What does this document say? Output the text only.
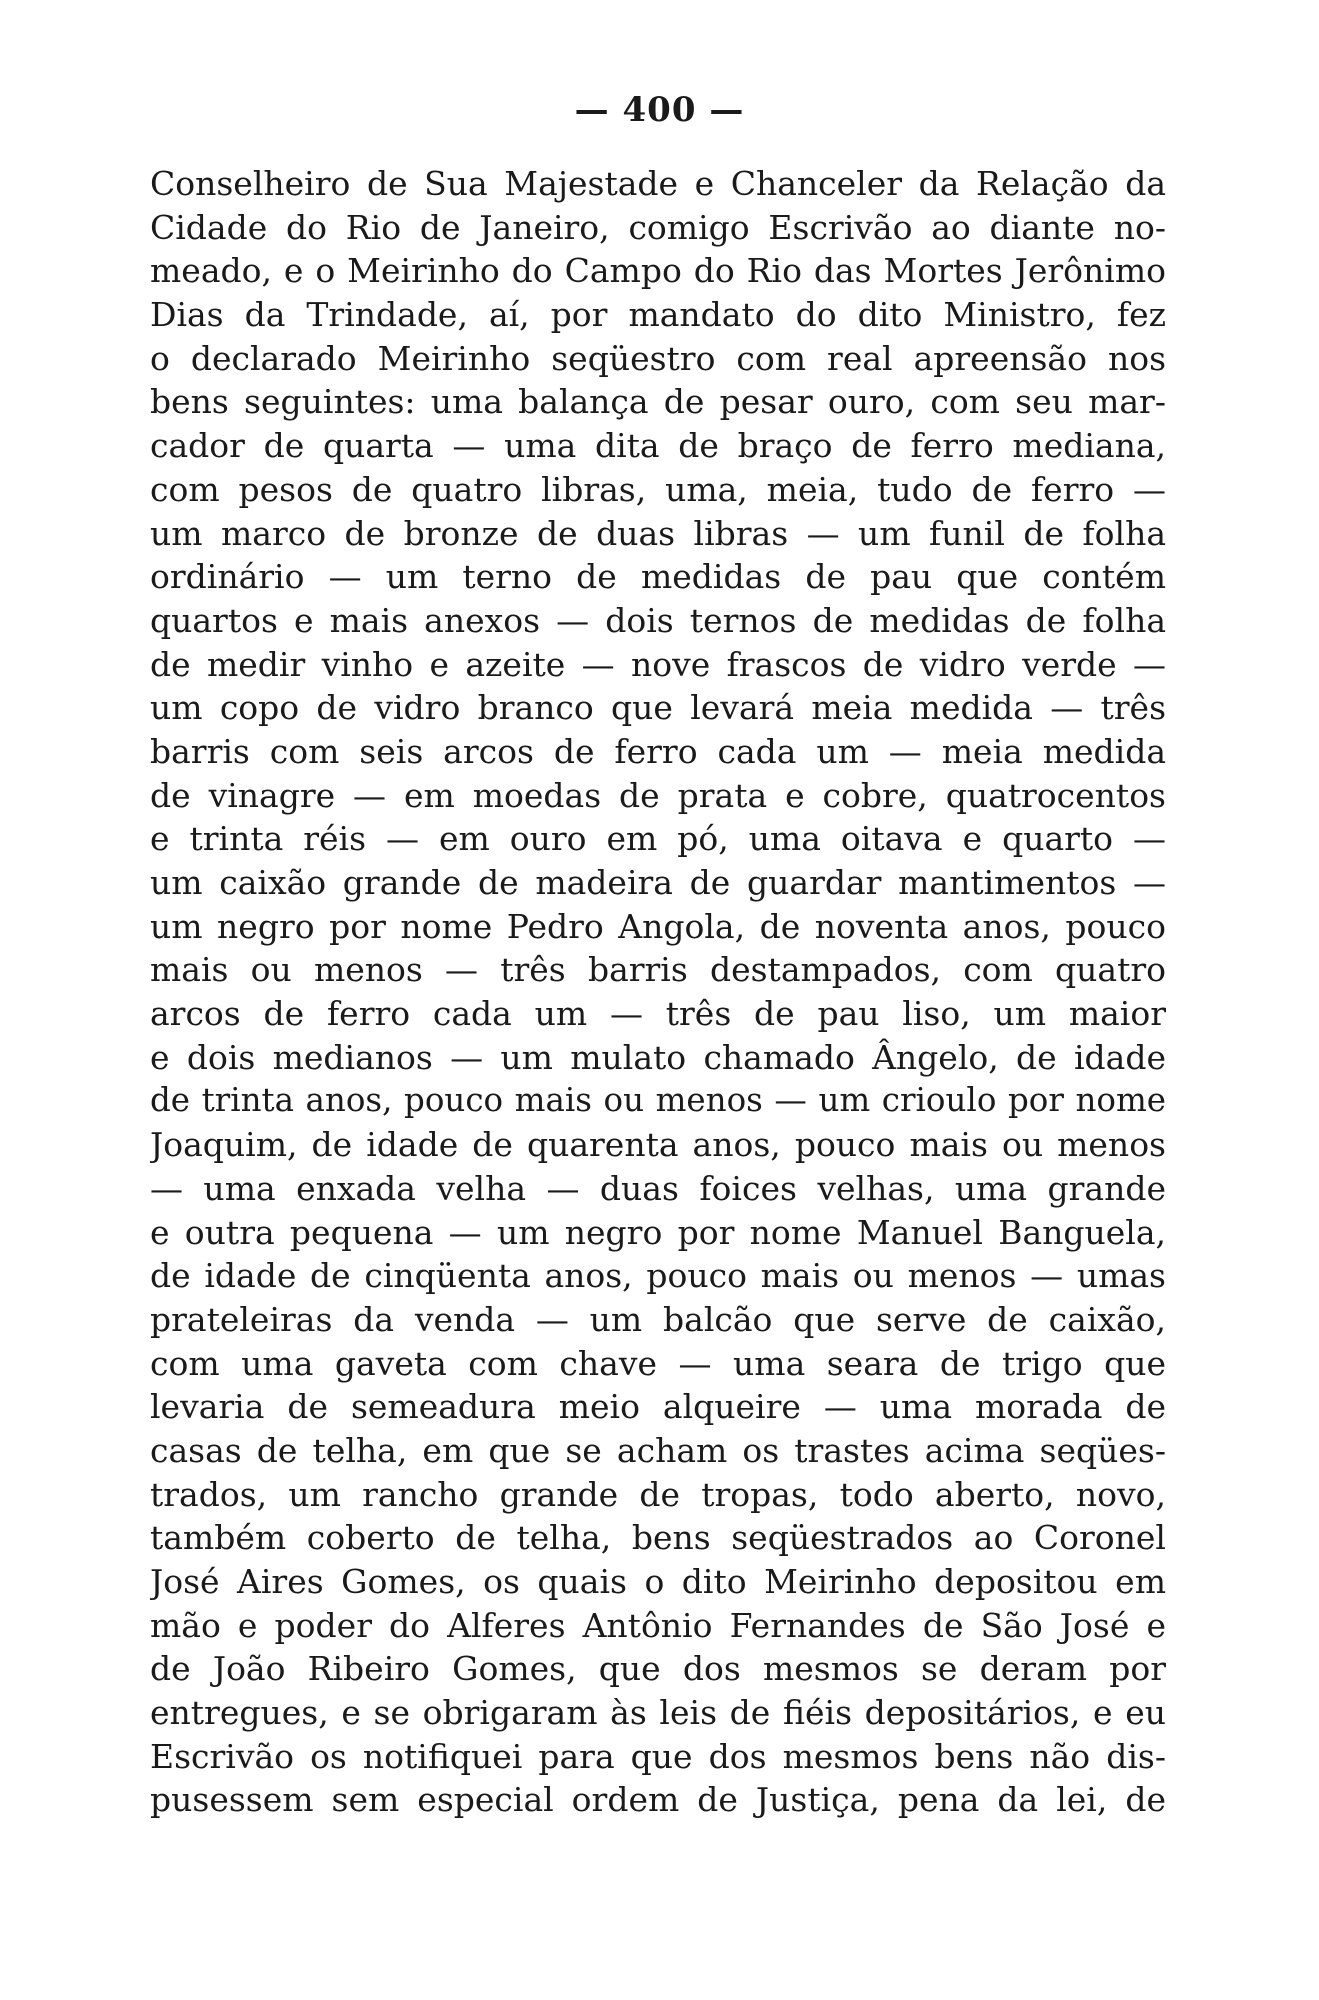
— 400 —
Conselheiro de Sua Majestade e Chanceler da Relação da
Cidade do Rio de Janeiro, comigo Escrivão ao diante no-
meado, e o Meirinho do Campo do Rio das Mortes Jerônimo
Dias da Trindade, aí, por mandato do dito Ministro, fez
o declarado Meirinho seqüestro com real apreensão nos
bens seguintes: uma balança de pesar ouro, com seu mar-
cador de quarta — uma dita de braço de ferro mediana,
com pesos de quatro libras, uma, meia, tudo de ferro —
um marco de bronze de duas libras — um funil de folha
ordinário — um terno de medidas de pau que contém
quartos e mais anexos — dois ternos de medidas de folha
de medir vinho e azeite — nove frascos de vidro verde —
um copo de vidro branco que levará meia medida — três
barris com seis arcos de ferro cada um — meia medida
de vinagre — em moedas de prata e cobre, quatrocentos
e trinta réis — em ouro em pó, uma oitava e quarto —
um caixão grande de madeira de guardar mantimentos —
um negro por nome Pedro Angola, de noventa anos, pouco
mais ou menos — três barris destampados, com quatro
arcos de ferro cada um — três de pau liso, um maior
e dois medianos — um mulato chamado Ângelo, de idade
de trinta anos, pouco mais ou menos — um crioulo por nome
Joaquim, de idade de quarenta anos, pouco mais ou menos
— uma enxada velha — duas foices velhas, uma grande
e outra pequena — um negro por nome Manuel Banguela,
de idade de cinqüenta anos, pouco mais ou menos — umas
prateleiras da venda — um balcão que serve de caixão,
com uma gaveta com chave — uma seara de trigo que
levaria de semeadura meio alqueire — uma morada de
casas de telha, em que se acham os trastes acima seqües-
trados, um rancho grande de tropas, todo aberto, novo,
também coberto de telha, bens seqüestrados ao Coronel
José Aires Gomes, os quais o dito Meirinho depositou em
mão e poder do Alferes Antônio Fernandes de São José e
de João Ribeiro Gomes, que dos mesmos se deram por
entregues, e se obrigaram às leis de fiéis depositários, e eu
Escrivão os notifiquei para que dos mesmos bens não dis-
pusessem sem especial ordem de Justiça, pena da lei, de
